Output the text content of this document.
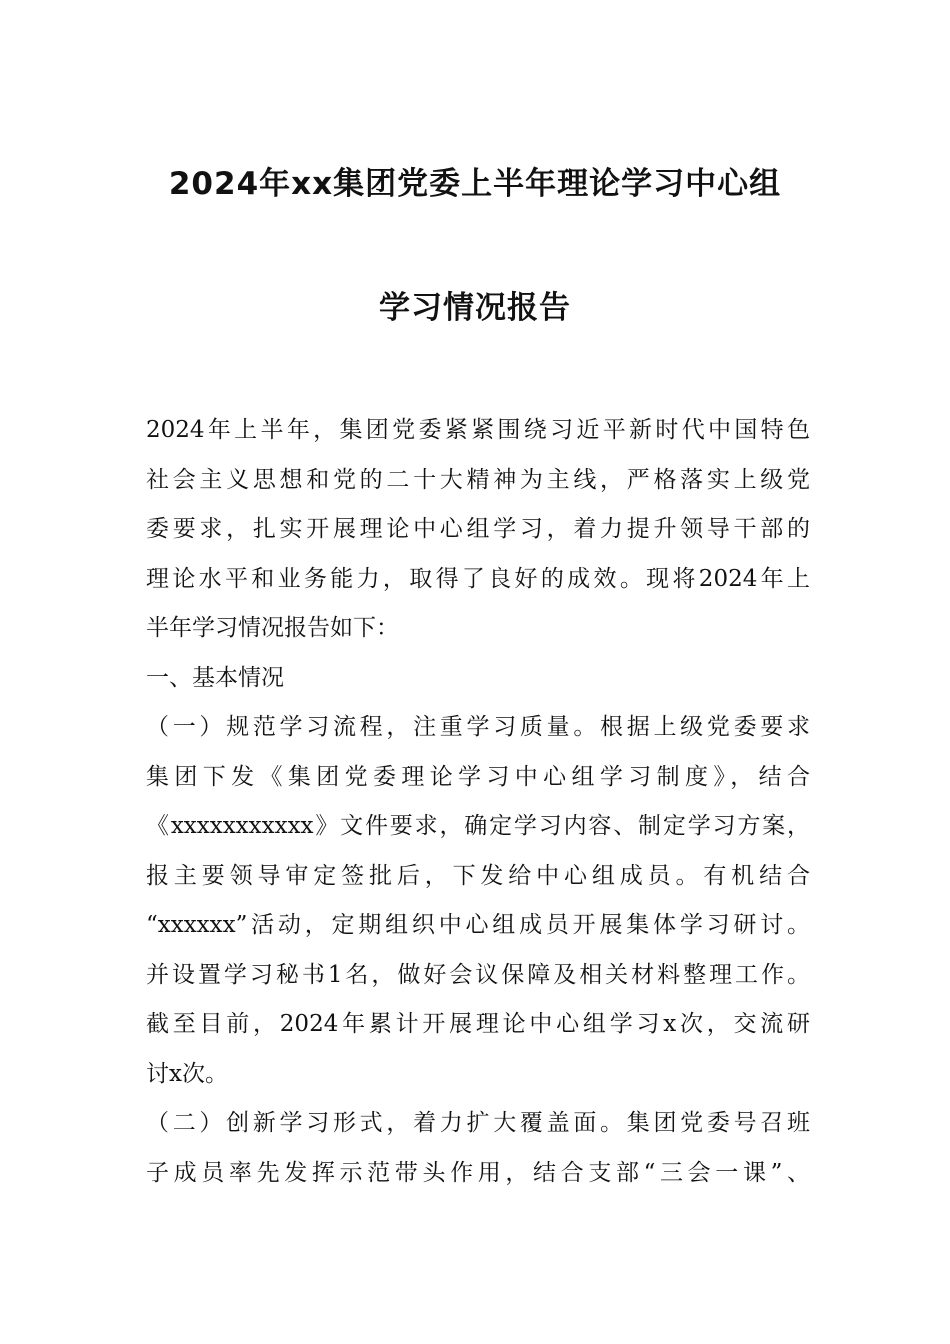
2024年xx集团党委上半年理论学习中心组
学习情况报告
2024年上半年，集团党委紧紧围绕习近平新时代中国特色
社会主义思想和党的二十大精神为主线，严格落实上级党
委要求，扎实开展理论中心组学习，着力提升领导干部的
理论水平和业务能力，取得了良好的成效。现将2024年上
半年学习情况报告如下：
一、基本情况
（一）规范学习流程，注重学习质量。根据上级党委要求
集团下发《集团党委理论学习中心组学习制度》，结合
《xxxxxxxxxxx》文件要求，确定学习内容、制定学习方案，
报主要领导审定签批后，下发给中心组成员。有机结合
“xxxxxx”活动，定期组织中心组成员开展集体学习研讨。
并设置学习秘书1名，做好会议保障及相关材料整理工作。
截至目前，2024年累计开展理论中心组学习x次，交流研
讨x次。
（二）创新学习形式，着力扩大覆盖面。集团党委号召班
子成员率先发挥示范带头作用，结合支部“三会一课”、
